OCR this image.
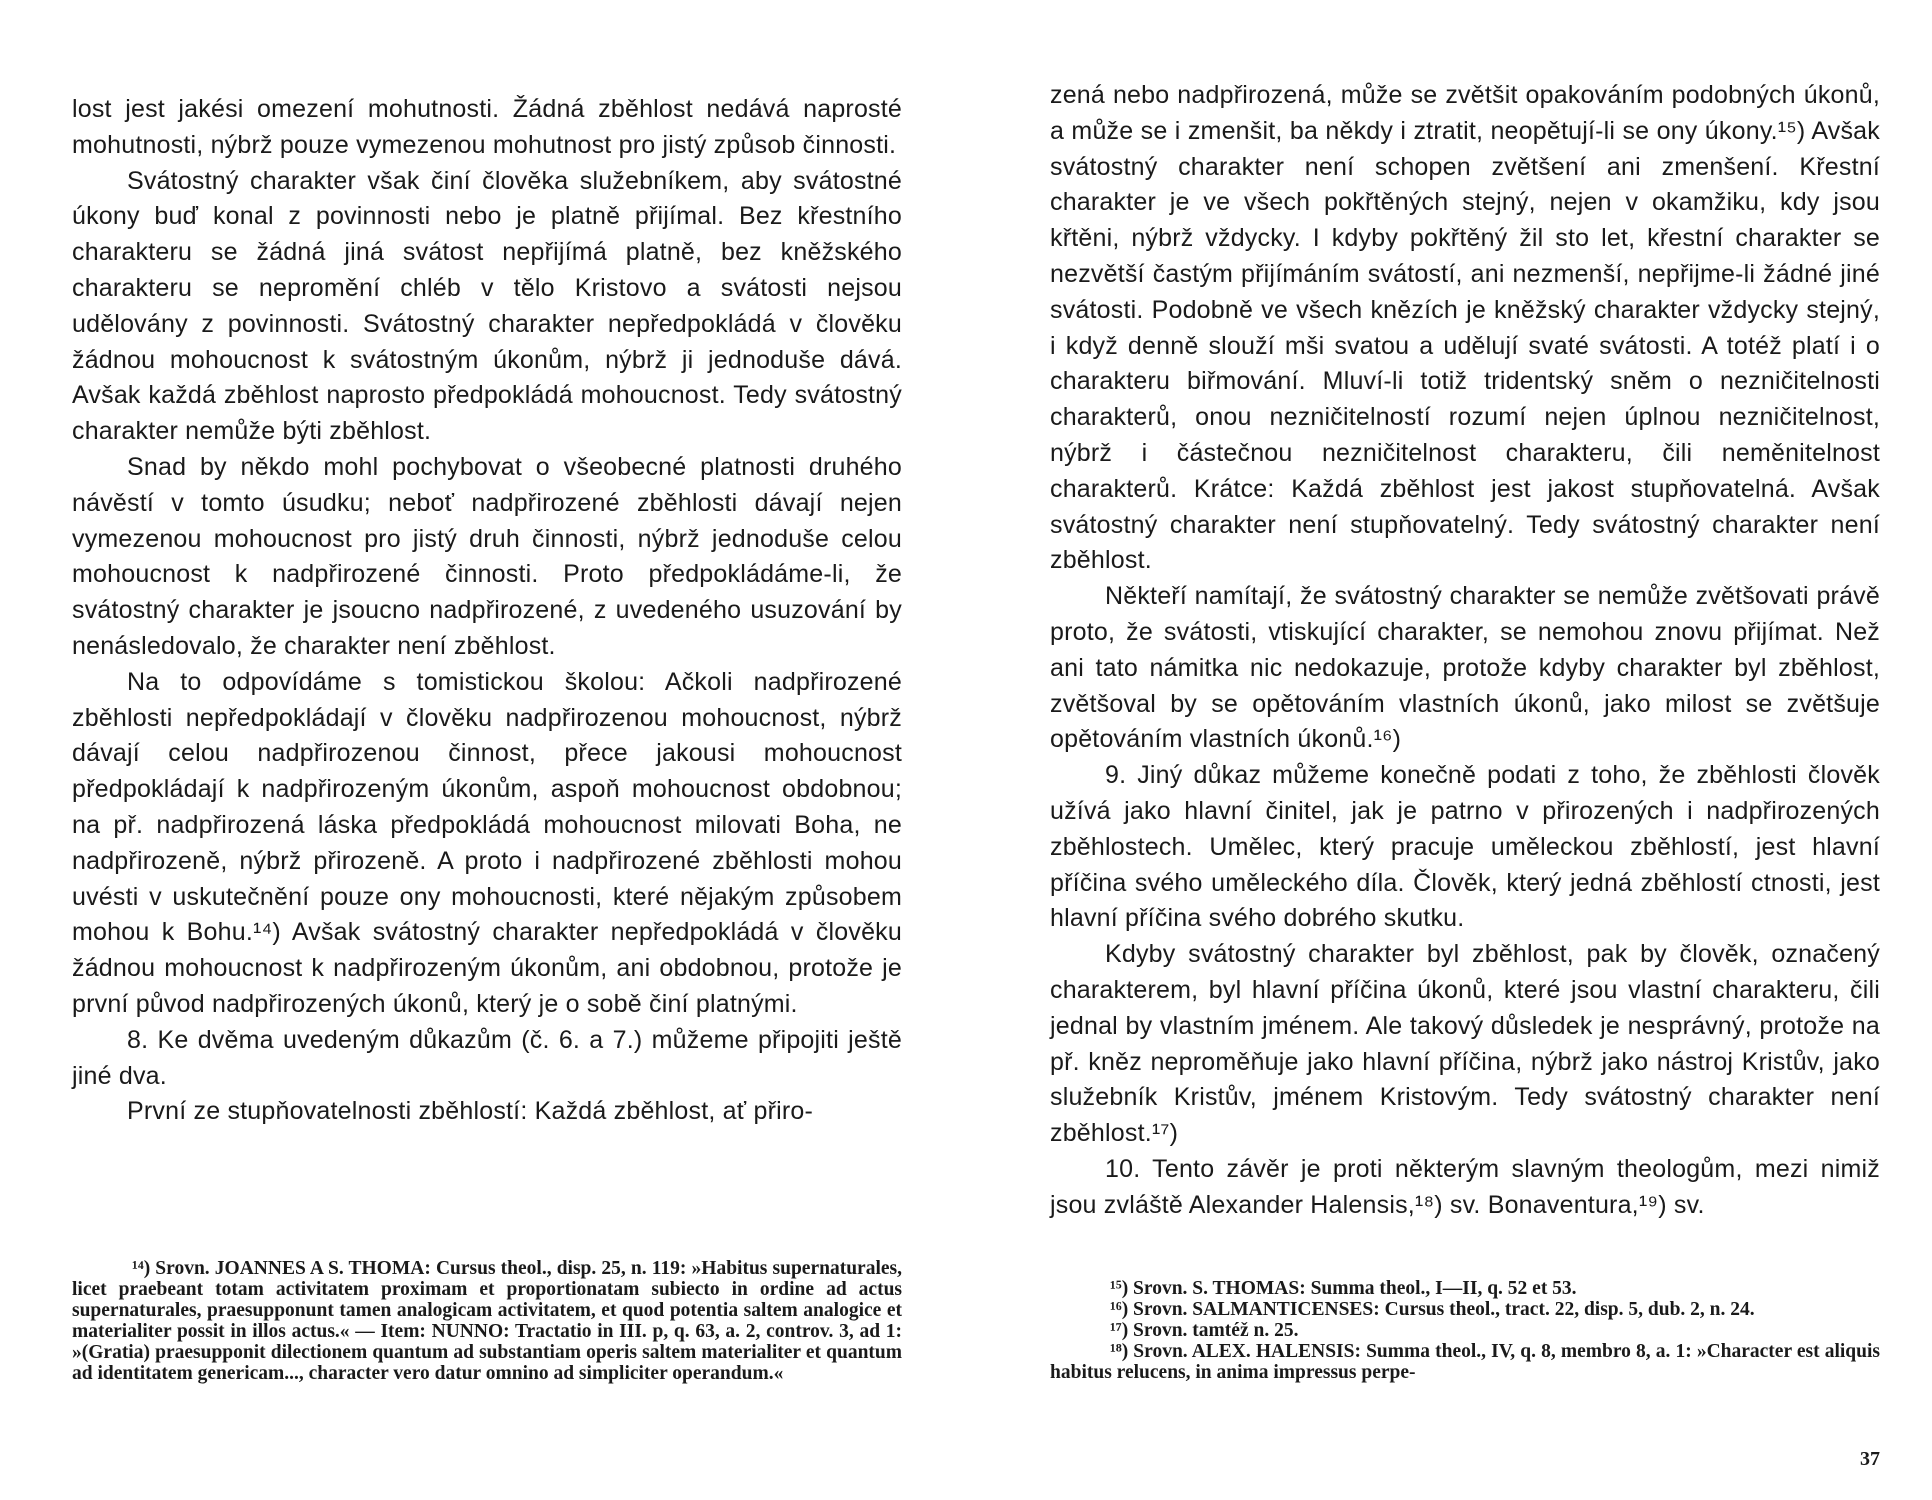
lost jest jakési omezení mohutnosti. Žádná zběhlost nedává naprosté mohutnosti, nýbrž pouze vymezenou mohutnost pro jistý způsob činnosti.

Svátostný charakter však činí člověka služebníkem, aby svátostné úkony buď konal z povinnosti nebo je platně přijímal. Bez křestního charakteru se žádná jiná svátost nepřijímá platně, bez kněžského charakteru se nepromění chléb v tělo Kristovo a svátosti nejsou udělovány z povinnosti. Svátostný charakter nepředpokládá v člověku žádnou mohoucnost k svátostným úkonům, nýbrž ji jednoduše dává. Avšak každá zběhlost naprosto předpokládá mohoucnost. Tedy svátostný charakter nemůže býti zběhlost.

Snad by někdo mohl pochybovat o všeobecné platnosti druhého návěstí v tomto úsudku; neboť nadpřirozené zběhlosti dávají nejen vymezenou mohoucnost pro jistý druh činnosti, nýbrž jednoduše celou mohoucnost k nadpřirozené činnosti. Proto předpokládáme-li, že svátostný charakter je jsoucno nadpřirozené, z uvedeného usuzování by nenásledovalo, že charakter není zběhlost.

Na to odpovídáme s tomistickou školou: Ačkoli nadpřirozené zběhlosti nepředpokládají v člověku nadpřirozenou mohoucnost, nýbrž dávají celou nadpřirozenou činnost, přece jakousi mohoucnost předpokládají k nadpřirozeným úkonům, aspoň mohoucnost obdobnou; na př. nadpřirozená láska předpokládá mohoucnost milovati Boha, ne nadpřirozeně, nýbrž přirozeně. A proto i nadpřirozené zběhlosti mohou uvésti v uskutečnění pouze ony mohoucnosti, které nějakým způsobem mohou k Bohu.¹⁴) Avšak svátostný charakter nepředpokládá v člověku žádnou mohoucnost k nadpřirozeným úkonům, ani obdobnou, protože je první původ nadpřirozených úkonů, který je o sobě činí platnými.

8. Ke dvěma uvedeným důkazům (č. 6. a 7.) můžeme připojiti ještě jiné dva.

První ze stupňovatelnosti zběhlostí: Každá zběhlost, ať přiro-

¹⁴) Srovn. JOANNES A S. THOMA: Cursus theol., disp. 25, n. 119: »Habitus supernaturales, licet praebeant totam activitatem proximam et proportionatam subiecto in ordine ad actus supernaturales, praesupponunt tamen analogicam activitatem, et quod potentia saltem analogice et materialiter possit in illos actus.« — Item: NUNNO: Tractatio in III. p, q. 63, a. 2, controv. 3, ad 1: »(Gratia) praesupponit dilectionem quantum ad substantiam operis saltem materialiter et quantum ad identitatem genericam..., character vero datur omnino ad simpliciter operandum.«

zená nebo nadpřirozená, může se zvětšit opakováním podobných úkonů, a může se i zmenšit, ba někdy i ztratit, neopětují-li se ony úkony.¹⁵) Avšak svátostný charakter není schopen zvětšení ani zmenšení. Křestní charakter je ve všech pokřtěných stejný, nejen v okamžiku, kdy jsou křtěni, nýbrž vždycky. I kdyby pokřtěný žil sto let, křestní charakter se nezvětší častým přijímáním svátostí, ani nezmenší, nepřijme-li žádné jiné svátosti. Podobně ve všech knězích je kněžský charakter vždycky stejný, i když denně slouží mši svatou a udělují svaté svátosti. A totéž platí i o charakteru biřmování. Mluví-li totiž tridentský sněm o nezničitelnosti charakterů, onou nezničitelností rozumí nejen úplnou nezničitelnost, nýbrž i částečnou nezničitelnost charakteru, čili neměnitelnost charakterů. Krátce: Každá zběhlost jest jakost stupňovatelná. Avšak svátostný charakter není stupňovatelný. Tedy svátostný charakter není zběhlost.

Někteří namítají, že svátostný charakter se nemůže zvětšovati právě proto, že svátosti, vtiskující charakter, se nemohou znovu přijímat. Než ani tato námitka nic nedokazuje, protože kdyby charakter byl zběhlost, zvětšoval by se opětováním vlastních úkonů, jako milost se zvětšuje opětováním vlastních úkonů.¹⁶)

9. Jiný důkaz můžeme konečně podati z toho, že zběhlosti člověk užívá jako hlavní činitel, jak je patrno v přirozených i nadpřirozených zběhlostech. Umělec, který pracuje uměleckou zběhlostí, jest hlavní příčina svého uměleckého díla. Člověk, který jedná zběhlostí ctnosti, jest hlavní příčina svého dobrého skutku.

Kdyby svátostný charakter byl zběhlost, pak by člověk, označený charakterem, byl hlavní příčina úkonů, které jsou vlastní charakteru, čili jednal by vlastním jménem. Ale takový důsledek je nesprávný, protože na př. kněz neproměňuje jako hlavní příčina, nýbrž jako nástroj Kristův, jako služebník Kristův, jménem Kristovým. Tedy svátostný charakter není zběhlost.¹⁷)

10. Tento závěr je proti některým slavným theologům, mezi nimiž jsou zvláště Alexander Halensis,¹⁸) sv. Bonaventura,¹⁹) sv.

¹⁵) Srovn. S. THOMAS: Summa theol., I—II, q. 52 et 53.

¹⁶) Srovn. SALMANTICENSES: Cursus theol., tract. 22, disp. 5, dub. 2, n. 24.

¹⁷) Srovn. tamtéž n. 25.

¹⁸) Srovn. ALEX. HALENSIS: Summa theol., IV, q. 8, membro 8, a. 1: »Character est aliquis habitus relucens, in anima impressus perpe-

37
